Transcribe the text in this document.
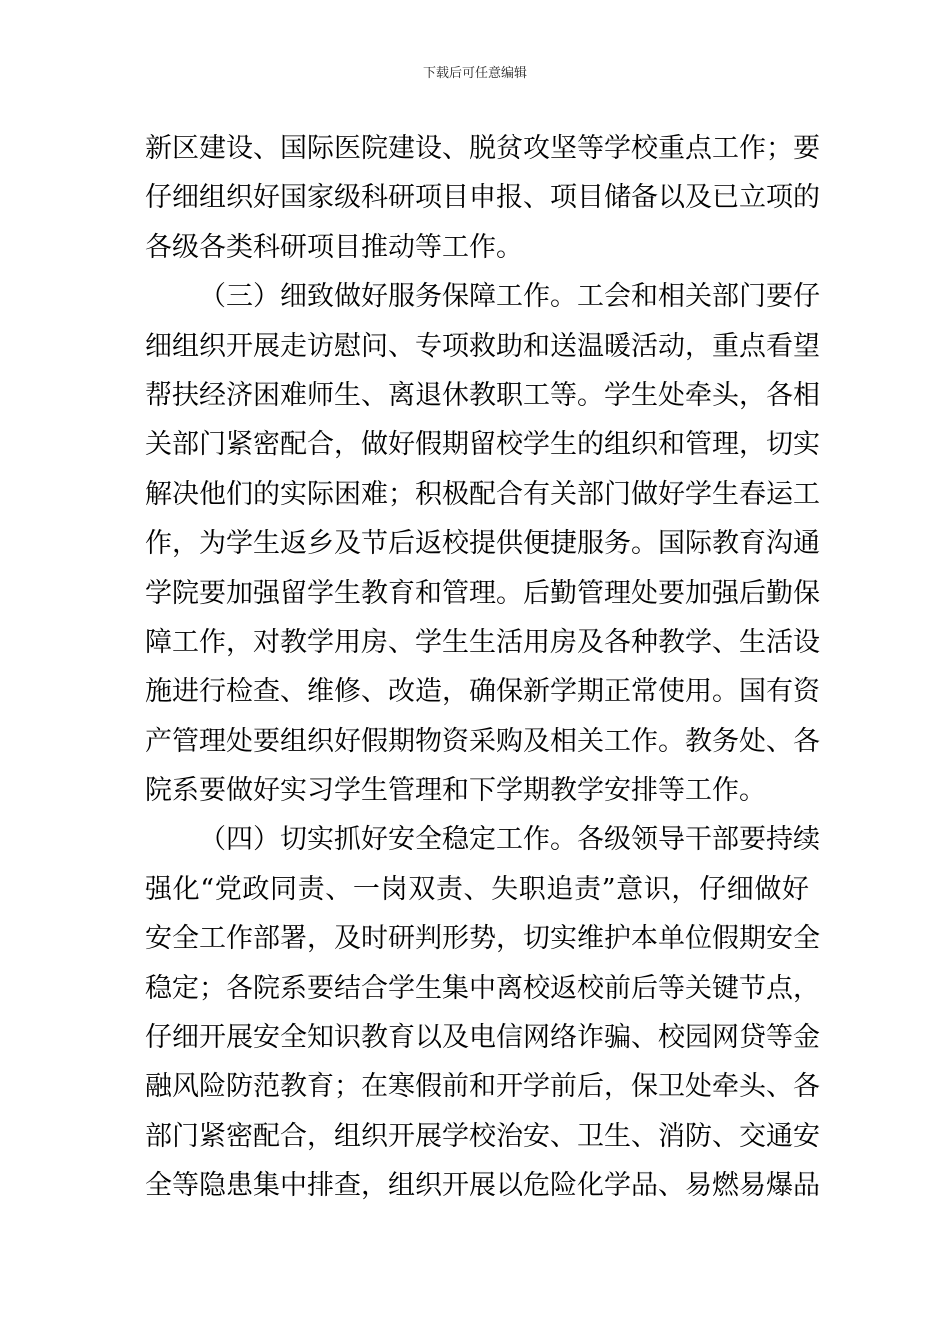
下载后可任意编辑
新区建设、国际医院建设、脱贫攻坚等学校重点工作；要
仔细组织好国家级科研项目申报、项目储备以及已立项的
各级各类科研项目推动等工作。
（三）细致做好服务保障工作。工会和相关部门要仔
细组织开展走访慰问、专项救助和送温暖活动，重点看望
帮扶经济困难师生、离退休教职工等。学生处牵头，各相
关部门紧密配合，做好假期留校学生的组织和管理，切实
解决他们的实际困难；积极配合有关部门做好学生春运工
作，为学生返乡及节后返校提供便捷服务。国际教育沟通
学院要加强留学生教育和管理。后勤管理处要加强后勤保
障工作，对教学用房、学生生活用房及各种教学、生活设
施进行检查、维修、改造，确保新学期正常使用。国有资
产管理处要组织好假期物资采购及相关工作。教务处、各
院系要做好实习学生管理和下学期教学安排等工作。
（四）切实抓好安全稳定工作。各级领导干部要持续
强化“党政同责、一岗双责、失职追责”意识，仔细做好
安全工作部署，及时研判形势，切实维护本单位假期安全
稳定；各院系要结合学生集中离校返校前后等关键节点，
仔细开展安全知识教育以及电信网络诈骗、校园网贷等金
融风险防范教育；在寒假前和开学前后，保卫处牵头、各
部门紧密配合，组织开展学校治安、卫生、消防、交通安
全等隐患集中排查，组织开展以危险化学品、易燃易爆品
